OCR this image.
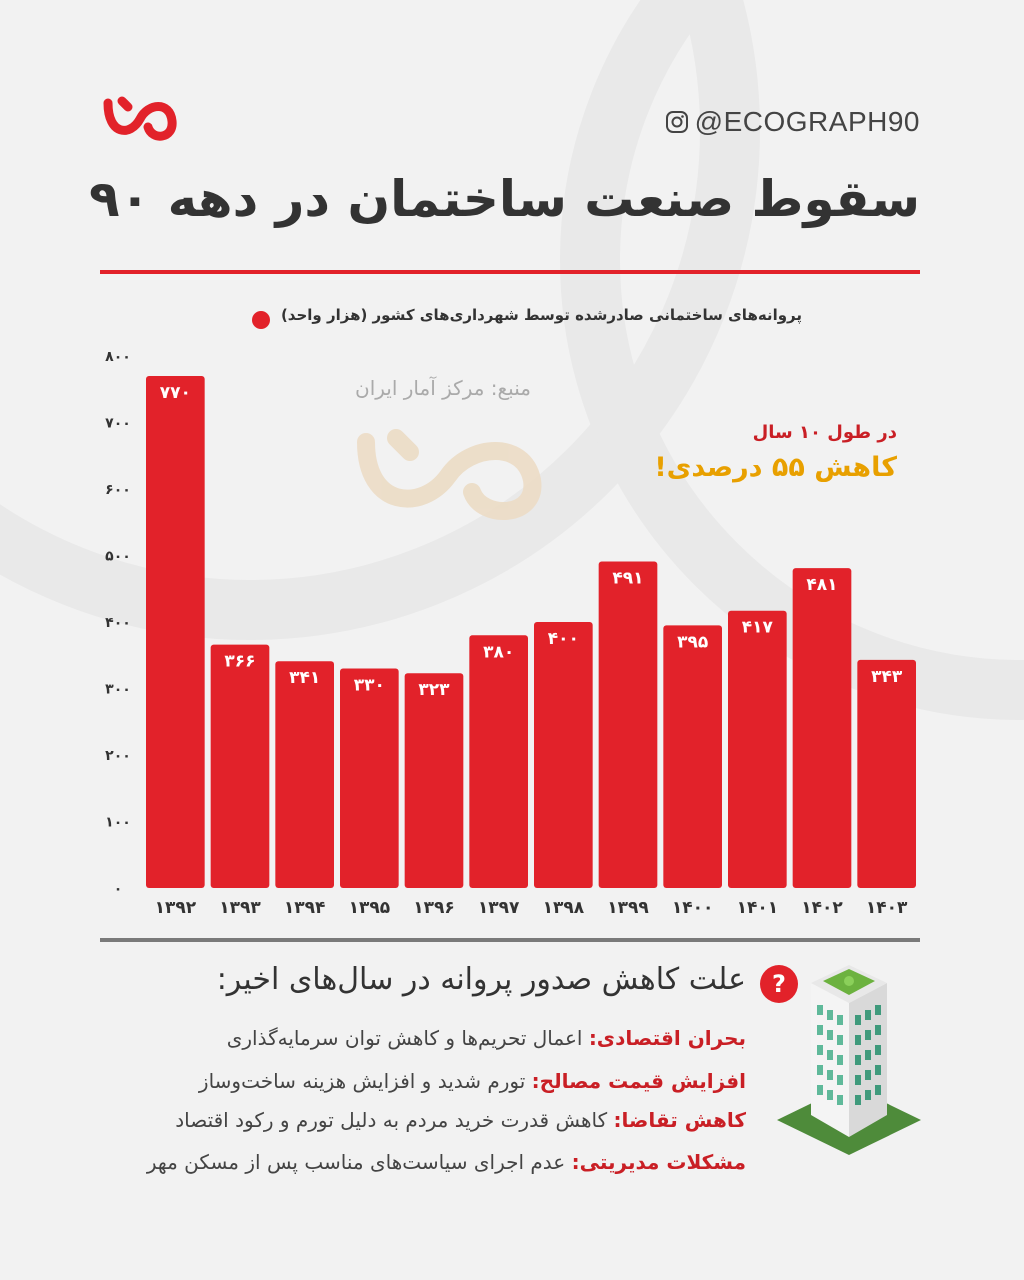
@ECOGRAPH90
سقوط صنعت ساختمان در دهه ۹۰
پروانه‌های ساختمانی صادرشده توسط شهرداری‌های کشور (هزار واحد)
۰
۱۰۰
۲۰۰
۳۰۰
۴۰۰
۵۰۰
۶۰۰
۷۰۰
۸۰۰
۷۷۰
۱۳۹۲
۳۶۶
۱۳۹۳
۳۴۱
۱۳۹۴
۳۳۰
۱۳۹۵
۳۲۳
۱۳۹۶
۳۸۰
۱۳۹۷
۴۰۰
۱۳۹۸
۴۹۱
۱۳۹۹
۳۹۵
۱۴۰۰
۴۱۷
۱۴۰۱
۴۸۱
۱۴۰۲
۳۴۳
۱۴۰۳
منبع: مرکز آمار ایران
در طول ۱۰ سال
کاهش ۵۵ درصدی!
?
علت کاهش صدور پروانه در سال‌های اخیر:
بحران اقتصادی: اعمال تحریم‌ها و کاهش توان سرمایه‌گذاری
افزایش قیمت مصالح: تورم شدید و افزایش هزینه ساخت‌وساز
کاهش تقاضا: کاهش قدرت خرید مردم به دلیل تورم و رکود اقتصاد
مشکلات مدیریتی: عدم اجرای سیاست‌های مناسب پس از مسکن مهر
